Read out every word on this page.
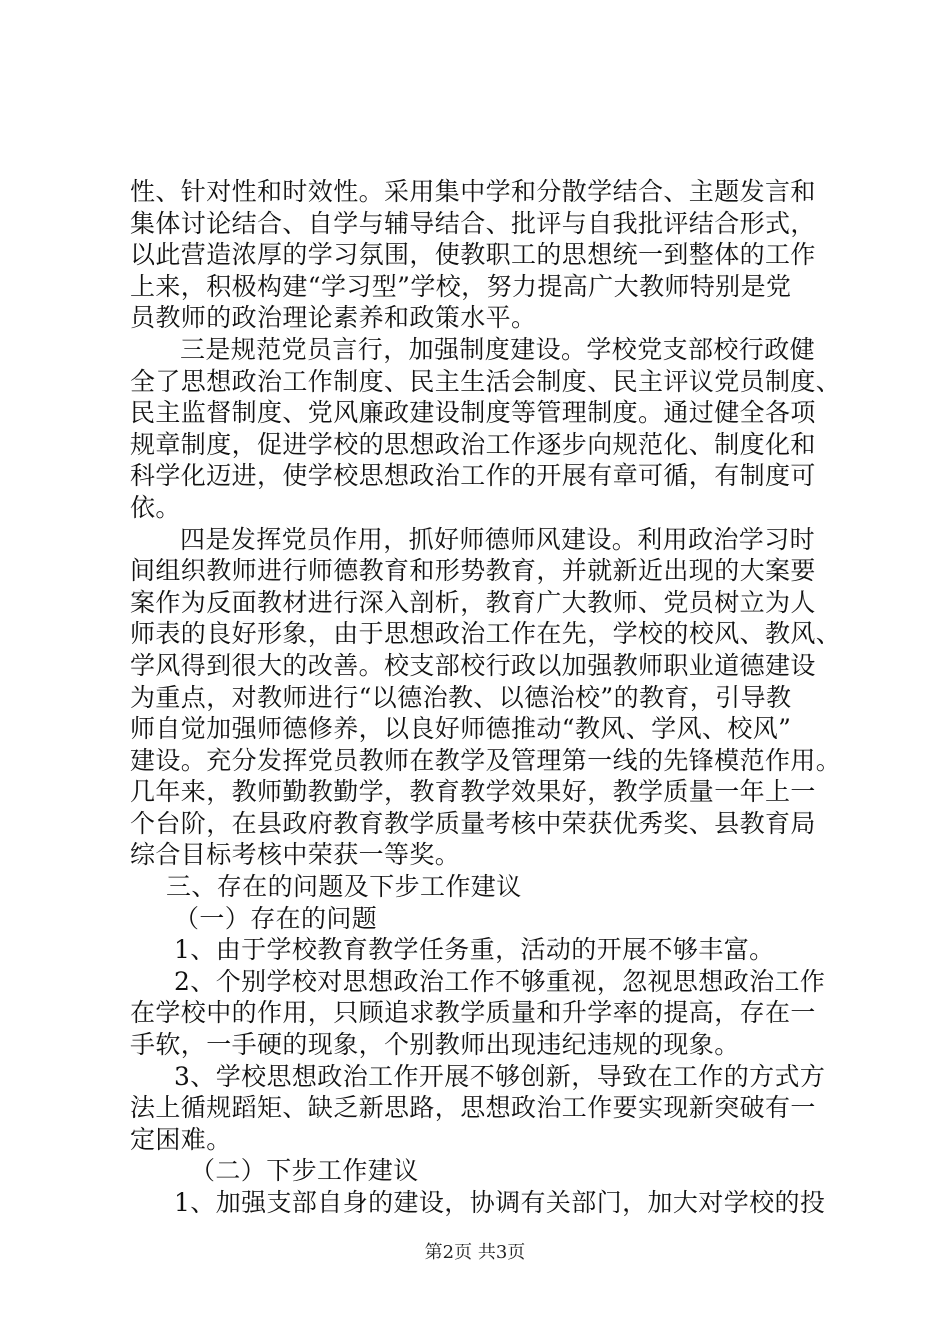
性、针对性和时效性。采用集中学和分散学结合、主题发言和
集体讨论结合、自学与辅导结合、批评与自我批评结合形式，
以此营造浓厚的学习氛围，使教职工的思想统一到整体的工作
上来，积极构建“学习型”学校，努力提高广大教师特别是党
员教师的政治理论素养和政策水平。
三是规范党员言行，加强制度建设。学校党支部校行政健
全了思想政治工作制度、民主生活会制度、民主评议党员制度、
民主监督制度、党风廉政建设制度等管理制度。通过健全各项
规章制度，促进学校的思想政治工作逐步向规范化、制度化和
科学化迈进，使学校思想政治工作的开展有章可循，有制度可
依。
四是发挥党员作用，抓好师德师风建设。利用政治学习时
间组织教师进行师德教育和形势教育，并就新近出现的大案要
案作为反面教材进行深入剖析，教育广大教师、党员树立为人
师表的良好形象，由于思想政治工作在先，学校的校风、教风、
学风得到很大的改善。校支部校行政以加强教师职业道德建设
为重点，对教师进行“以德治教、以德治校”的教育，引导教
师自觉加强师德修养，以良好师德推动“教风、学风、校风”
建设。充分发挥党员教师在教学及管理第一线的先锋模范作用。
几年来，教师勤教勤学，教育教学效果好，教学质量一年上一
个台阶，在县政府教育教学质量考核中荣获优秀奖、县教育局
综合目标考核中荣获一等奖。
三、存在的问题及下步工作建议
（一）存在的问题
1、由于学校教育教学任务重，活动的开展不够丰富。
2、个别学校对思想政治工作不够重视，忽视思想政治工作
在学校中的作用，只顾追求教学质量和升学率的提高，存在一
手软，一手硬的现象，个别教师出现违纪违规的现象。
3、学校思想政治工作开展不够创新，导致在工作的方式方
法上循规蹈矩、缺乏新思路，思想政治工作要实现新突破有一
定困难。
（二）下步工作建议
1、加强支部自身的建设，协调有关部门，加大对学校的投
第2页 共3页
